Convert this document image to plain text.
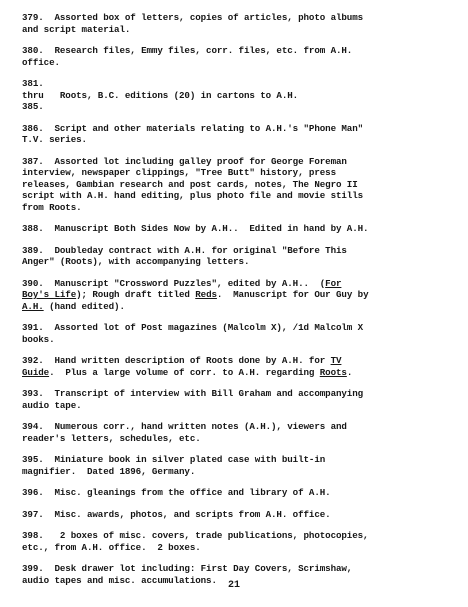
379.  Assorted box of letters, copies of articles, photo albums
and script material.

380.  Research files, Emmy files, corr. files, etc. from A.H.
office.

381.
thru   Roots, B.C. editions (20) in cartons to A.H.
385.

386.  Script and other materials relating to A.H.'s "Phone Man"
T.V. series.

387.  Assorted lot including galley proof for George Foreman
interview, newspaper clippings, "Tree Butt" history, press
releases, Gambian research and post cards, notes, The Negro II
script with A.H. hand editing, plus photo file and movie stills
from Roots.

388.  Manuscript Both Sides Now by A.H..  Edited in hand by A.H.

389.  Doubleday contract with A.H. for original "Before This
Anger" (Roots), with accompanying letters.

390.  Manuscript "Crossword Puzzles", edited by A.H..  (For
Boy's Life); Rough draft titled Reds.  Manuscript for Our Guy by
A.H. (hand edited).

391.  Assorted lot of Post magazines (Malcolm X), /1d Malcolm X
books.

392.  Hand written description of Roots done by A.H. for TV
Guide.  Plus a large volume of corr. to A.H. regarding Roots.

393.  Transcript of interview with Bill Graham and accompanying
audio tape.

394.  Numerous corr., hand written notes (A.H.), viewers and
reader's letters, schedules, etc.

395.  Miniature book in silver plated case with built-in
magnifier.  Dated 1896, Germany.

396.  Misc. gleanings from the office and library of A.H.

397.  Misc. awards, photos, and scripts from A.H. office.

398.   2 boxes of misc. covers, trade publications, photocopies,
etc., from A.H. office.  2 boxes.

399.  Desk drawer lot including: First Day Covers, Scrimshaw,
audio tapes and misc. accumulations.	21
